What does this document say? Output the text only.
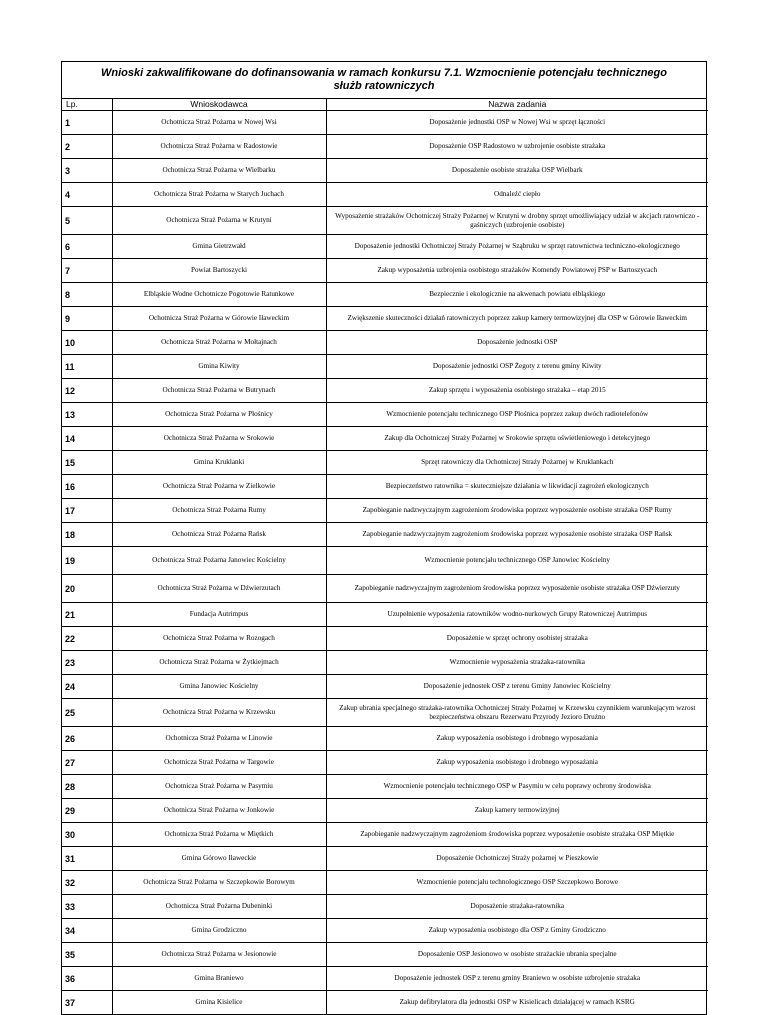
Wnioski zakwalifikowane do dofinansowania w ramach konkursu 7.1. Wzmocnienie potencjału technicznego
służb ratowniczych
Lp.	Wnioskodawca	Nazwa zadania
1	Ochotnicza Straż Pożarna w Nowej Wsi	Doposażenie jednostki OSP w Nowej Wsi w sprzęt łączności
2	Ochotnicza Straż Pożarna w Radostowie	Doposażenie OSP Radostowo w uzbrojenie osobiste strażaka
3	Ochotnicza Straż Pożarna w Wielbarku	Doposażenie osobiste strażaka OSP Wielbark
4	Ochotnicza Straż Pożarna w Starych Juchach	Odnaleźć ciepło
5	Ochotnicza Straż Pożarna w Krutyni	Wyposażenie strażaków Ochotniczej Straży Pożarnej w Krutyni w drobny sprzęt umożliwiający udział w akcjach ratowniczo - gaśniczych (uzbrojenie osobiste)
6	Gmina Gietrzwałd	Doposażenie jednostki Ochotniczej Straży Pożarnej w Sząbruku w sprzęt ratownictwa techniczno-ekologicznego
7	Powiat Bartoszycki	Zakup wyposażenia uzbrojenia osobistego strażaków Komendy Powiatowej PSP w Bartoszycach
8	Elbląskie Wodne Ochotnicze Pogotowie Ratunkowe	Bezpiecznie i ekologicznie na akwenach powiatu elbląskiego
9	Ochotnicza Straż Pożarna w Górowie Iławeckim	Zwiększenie skuteczności działań ratowniczych poprzez zakup kamery termowizyjnej dla OSP w Górowie Iławeckim
10	Ochotnicza Straż Pożarna w Mołtajnach	Doposażenie jednostki OSP
11	Gmina Kiwity	Doposażenie jednostki OSP Żegoty z terenu gminy Kiwity
12	Ochotnicza Straż Pożarna w Butrynach	Zakup sprzętu i wyposażenia osobistego strażaka – etap 2015
13	Ochotnicza Straż Pożarna w Płośnicy	Wzmocnienie potencjału technicznego OSP Płośnica poprzez zakup dwóch radiotelefonów
14	Ochotnicza Straż Pożarna w Srokowie	Zakup dla Ochotniczej Straży Pożarnej w Srokowie sprzętu oświetleniowego i detekcyjnego
15	Gmina Kruklanki	Sprzęt ratowniczy dla Ochotniczej Straży Pożarnej w Kruklankach
16	Ochotnicza Straż Pożarna w Zielkowie	Bezpieczeństwo ratownika = skuteczniejsze działania w likwidacji zagrożeń ekologicznych
17	Ochotnicza Straż Pożarna Rumy	Zapobieganie nadzwyczajnym zagrożeniom środowiska poprzez wyposażenie osobiste strażaka OSP Rumy
18	Ochotnicza Straż Pożarna Rańsk	Zapobieganie nadzwyczajnym zagrożeniom środowiska poprzez wyposażenie osobiste strażaka OSP Rańsk
19	Ochotnicza Straż Pożarna Janowiec Kościelny	Wzmocnienie potencjału technicznego OSP Janowiec Kościelny
20	Ochotnicza Straż Pożarna w Dźwierzutach	Zapobieganie nadzwyczajnym zagrożeniom środowiska poprzez wyposażenie osobiste strażaka OSP Dźwierzuty
21	Fundacja Autrimpus	Uzupełnienie wyposażenia ratowników wodno-nurkowych Grupy Ratowniczej Autrimpus
22	Ochotnicza Straż Pożarna w Rozogach	Doposażenie w sprzęt ochrony osobistej strażaka
23	Ochotnicza Straż Pożarna w Żytkiejmach	Wzmocnienie wyposażenia strażaka-ratownika
24	Gmina Janowiec Kościelny	Doposażenie jednostek OSP z terenu Gminy Janowiec Kościelny
25	Ochotnicza Straż Pożarna w Krzewsku	Zakup ubrania specjalnego strażaka-ratownika Ochotniczej Straży Pożarnej w Krzewsku czynnikiem warunkującym wzrost bezpieczeństwa obszaru Rezerwatu Przyrody Jezioro Drużno
26	Ochotnicza Straż Pożarna w Linowie	Zakup wyposażenia osobistego i drobnego wyposażania
27	Ochotnicza Straż Pożarna w Targowie	Zakup wyposażenia osobistego i drobnego wyposażania
28	Ochotnicza Straż Pożarna w Pasymiu	Wzmocnienie potencjału technicznego OSP w Pasymiu w celu poprawy ochrony środowiska
29	Ochotnicza Straż Pożarna w Jonkowie	Zakup kamery termowizyjnej
30	Ochotnicza Straż Pożarna w Miętkich	Zapobieganie nadzwyczajnym zagrożeniom środowiska poprzez wyposażenie osobiste strażaka OSP Miętkie
31	Gmina Górowo Iławeckie	Doposażenie Ochotniczej Straży pożarnej w Pieszkowie
32	Ochotnicza Straż Pożarna w Szczepkowie Borowym	Wzmocnienie potencjału technologicznego OSP Szczepkowo Borowe
33	Ochotnicza Straż Pożarna Dubeninki	Doposażenie strażaka-ratownika
34	Gmina Grodziczno	Zakup wyposażenia osobistego dla OSP z Gminy Grodziczno
35	Ochotnicza Straż Pożarna w Jesionowie	Doposażenie OSP Jesionowo w osobiste strażackie ubrania specjalne
36	Gmina Braniewo	Doposażenie jednostek OSP z terenu gminy Braniewo w osobiste uzbrojenie strażaka
37	Gmina Kisielice	Zakup defibrylatora dla jednostki OSP w Kisielicach działającej w ramach KSRG
